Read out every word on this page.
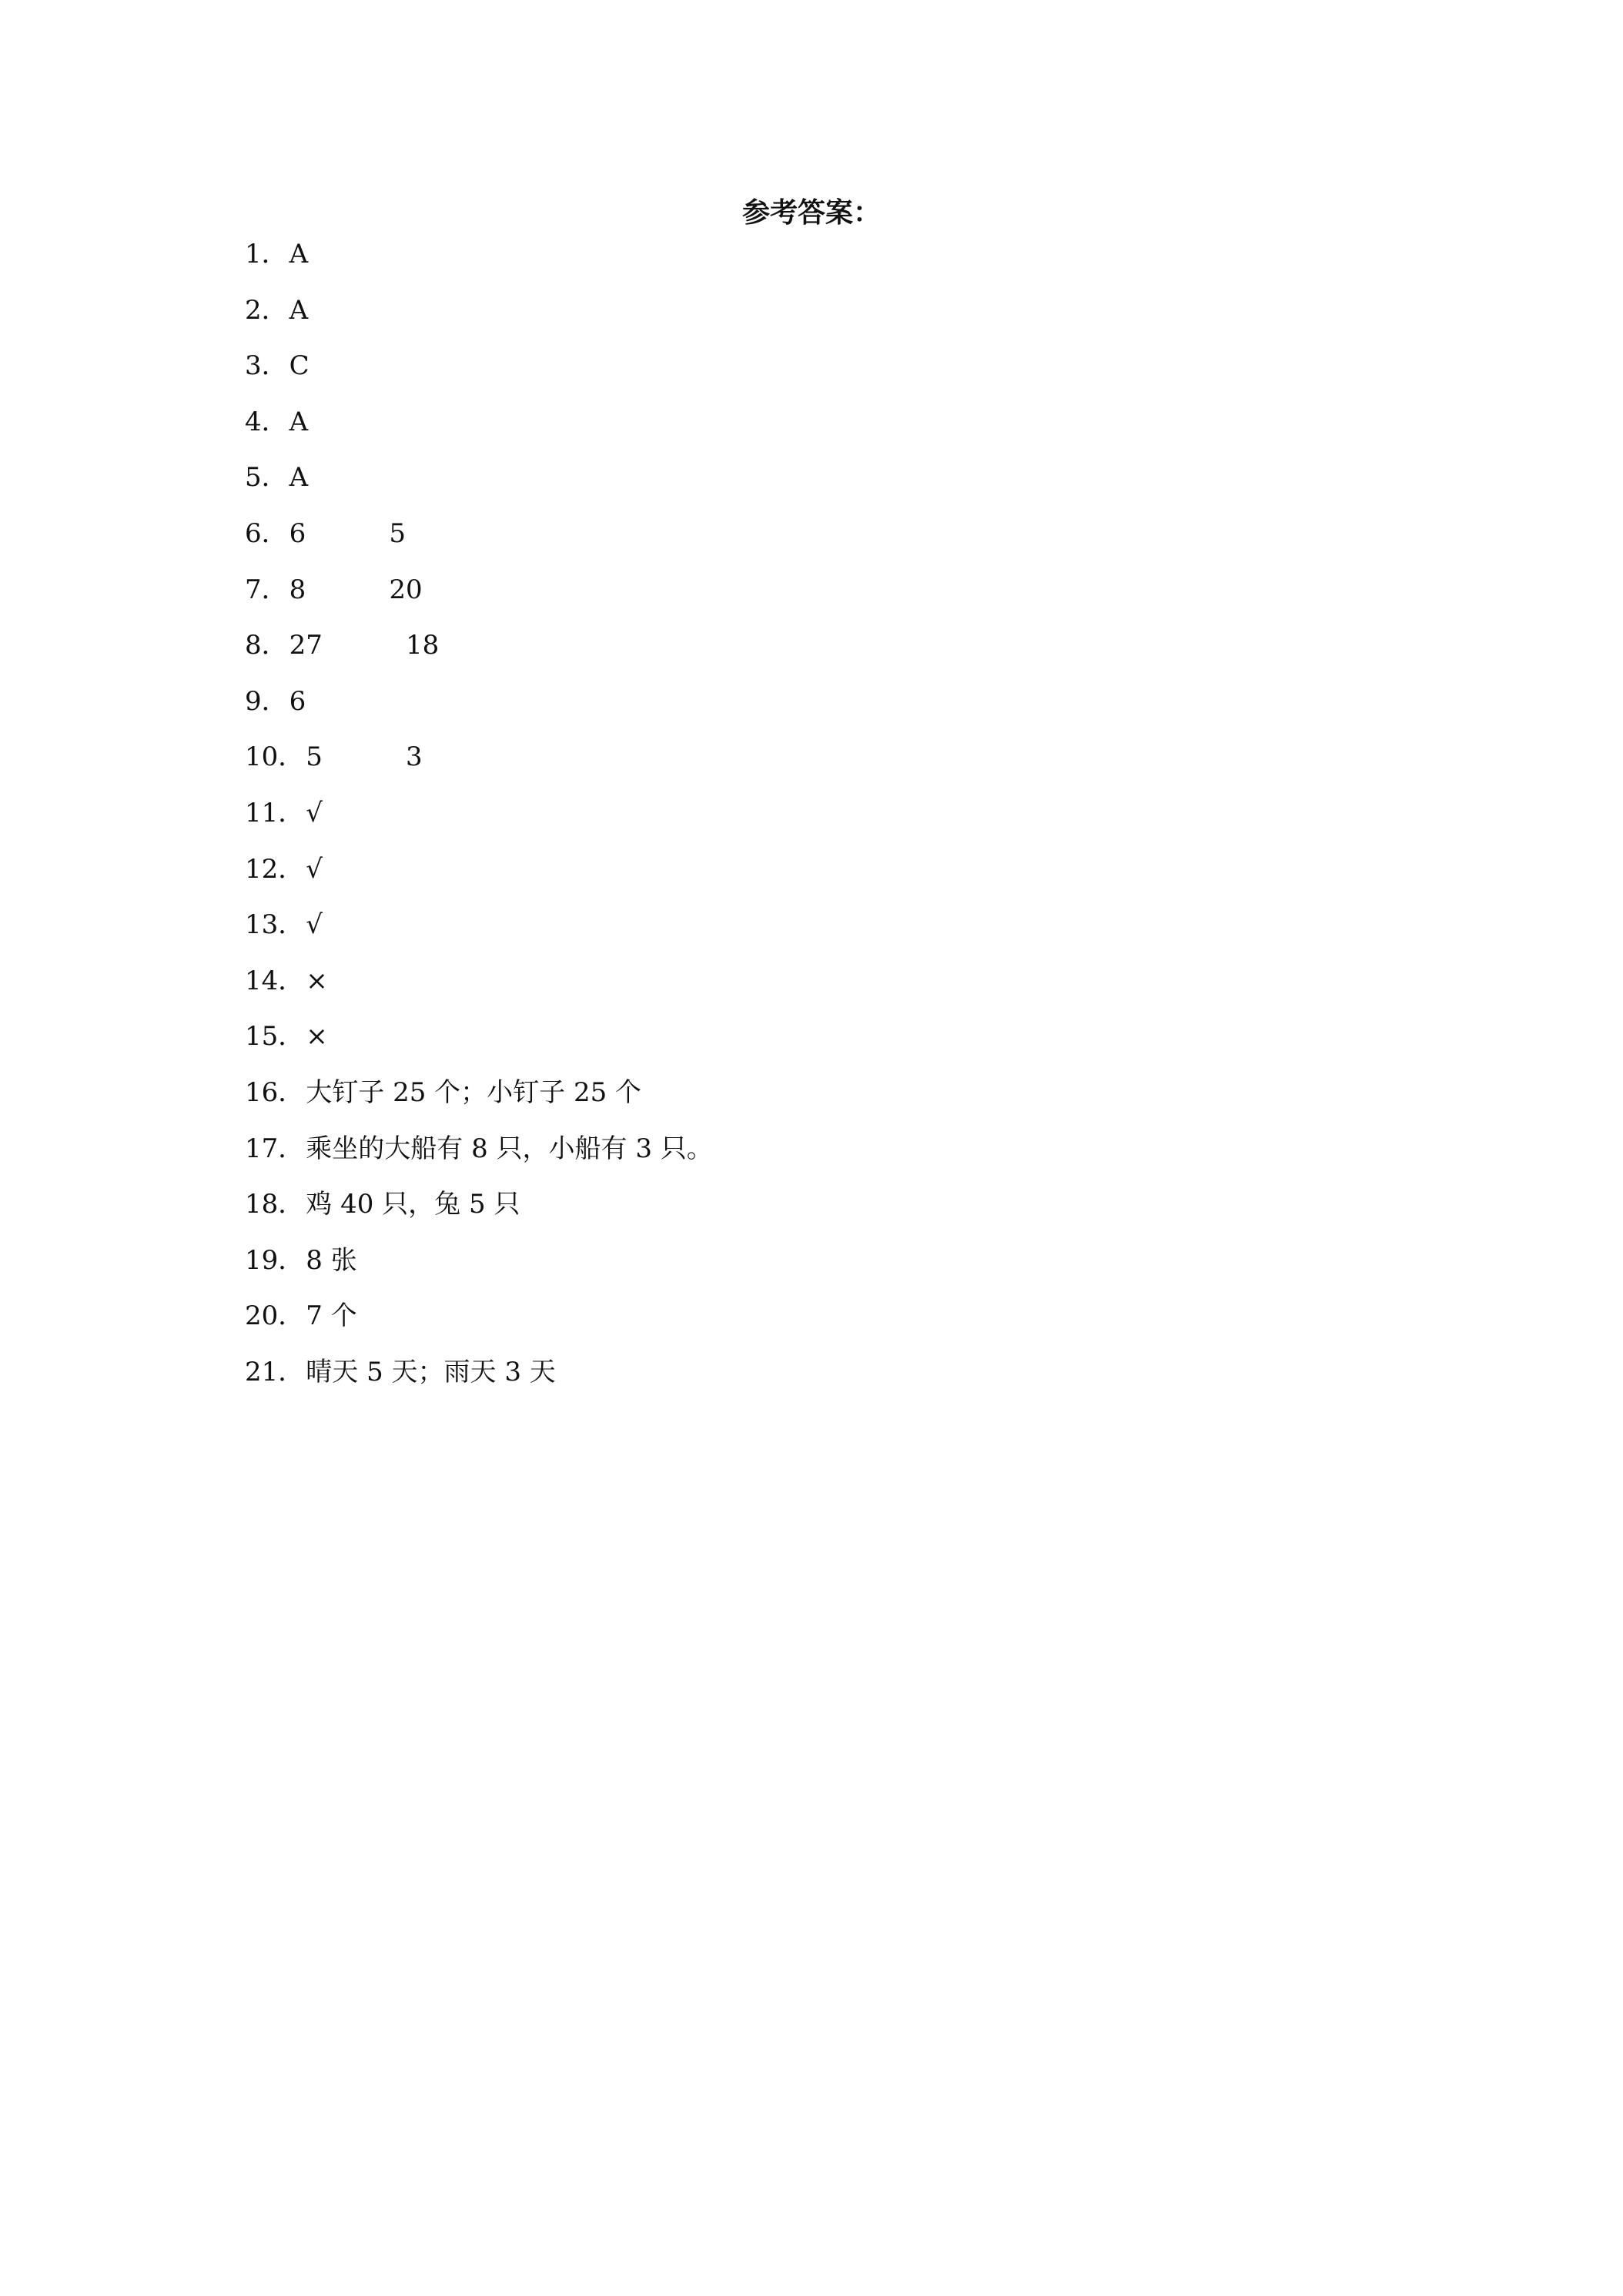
参考答案：
1 ． A
2 ． A
3 ． C
4 ． A
5 ． A
6 ． 6          5
7 ． 8          20
8 ． 27          18
9 ． 6
10 ． 5          3
11 ． √
12 ． √
13 ． √
14 ． ×
15 ． ×
16 ． 大钉子 25 个；小钉子 25 个
17 ． 乘坐的大船有 8 只，小船有 3 只。
18 ． 鸡 40 只，兔 5 只
19 ． 8 张
20 ． 7 个
21 ． 晴天 5 天；雨天 3 天
